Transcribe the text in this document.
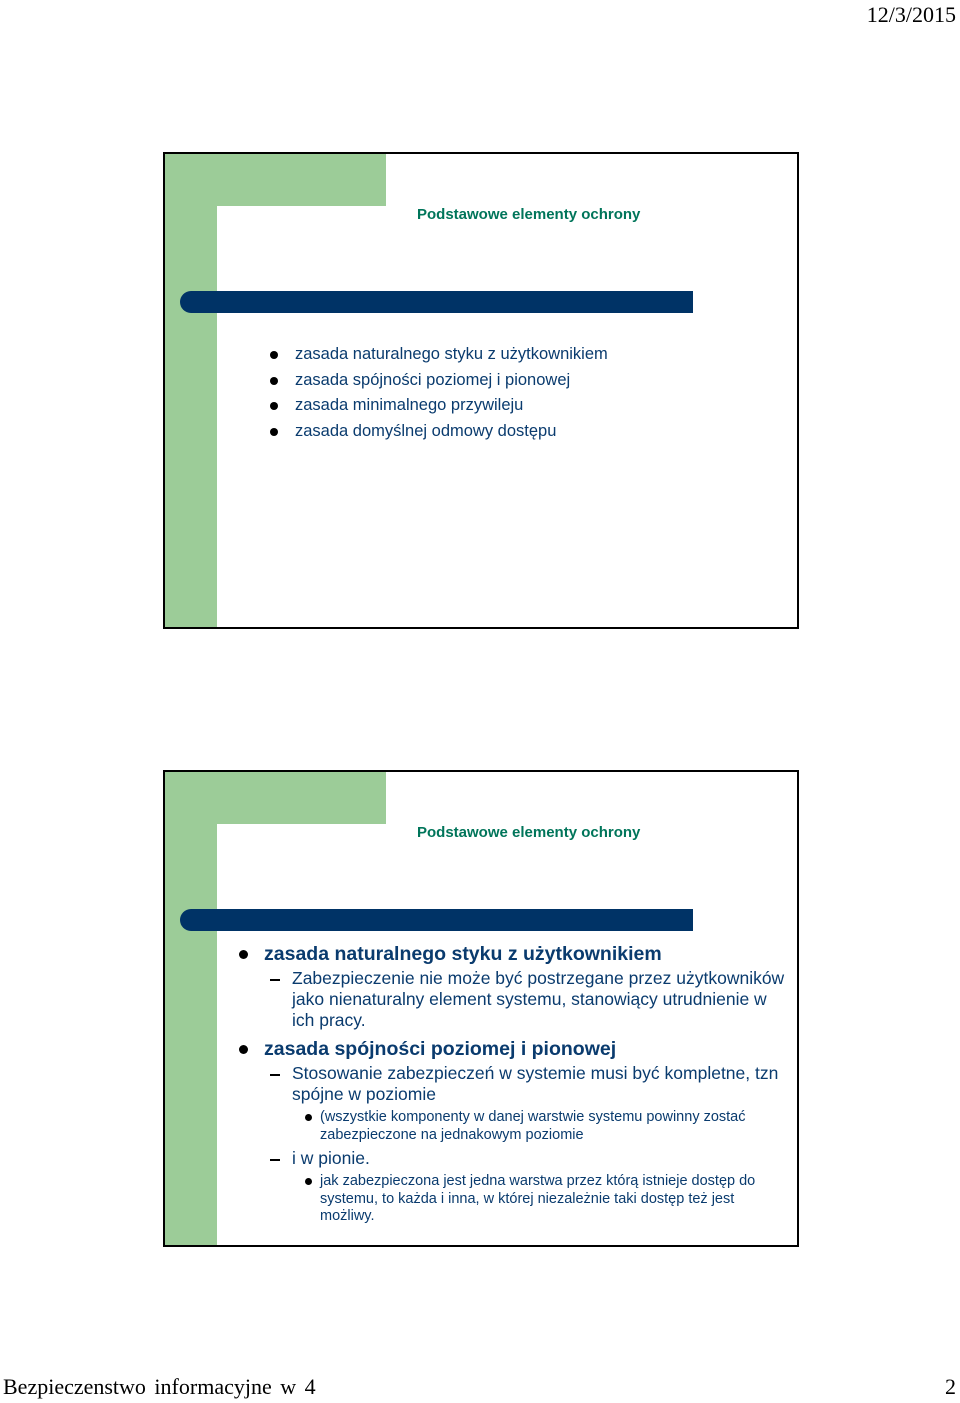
12/3/2015
Podstawowe elementy ochrony
zasada naturalnego styku z użytkownikiem
zasada spójności poziomej i pionowej
zasada minimalnego przywileju
zasada domyślnej odmowy dostępu
Podstawowe elementy ochrony
zasada naturalnego styku z użytkownikiem
Zabezpieczenie nie może być postrzegane przez użytkowników jako nienaturalny element systemu, stanowiący utrudnienie w ich pracy.
zasada spójności poziomej i pionowej
Stosowanie zabezpieczeń w systemie musi być kompletne, tzn spójne w poziomie
(wszystkie komponenty w danej warstwie systemu powinny zostać zabezpieczone na jednakowym poziomie
i w pionie.
jak zabezpieczona jest jedna warstwa przez którą istnieje dostęp do systemu, to każda i inna, w której niezależnie taki dostęp też jest możliwy.
Bezpieczenstwo informacyjne w 4	2
